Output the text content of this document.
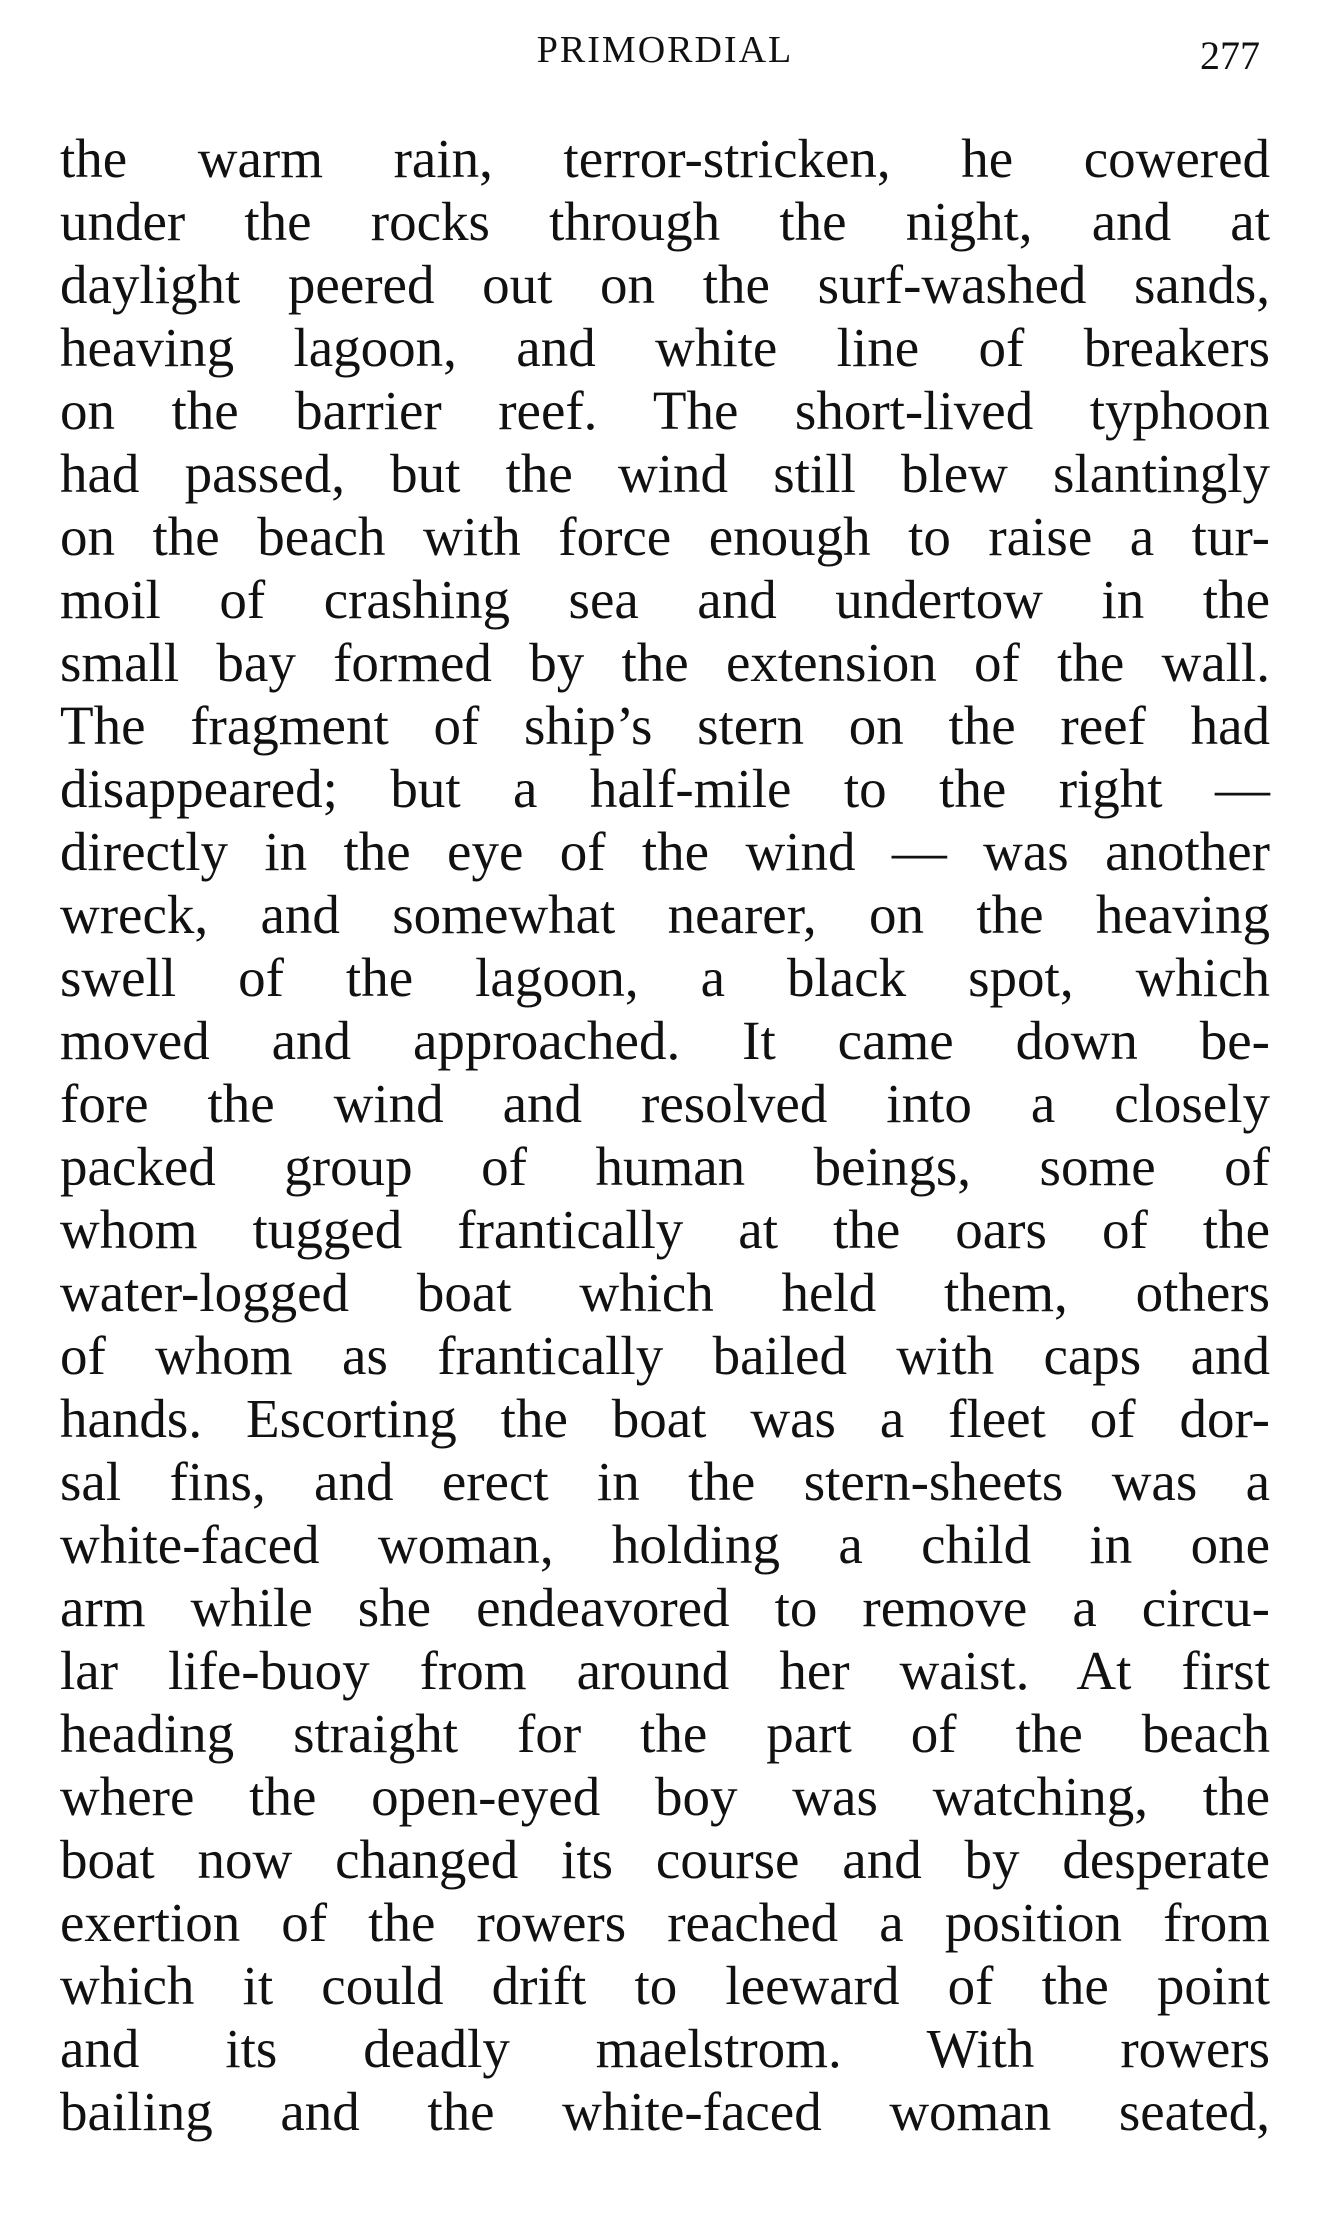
PRIMORDIAL	277
the warm rain, terror-stricken, he cowered
under the rocks through the night, and at
daylight peered out on the surf-washed sands,
heaving lagoon, and white line of breakers
on the barrier reef. The short-lived typhoon
had passed, but the wind still blew slantingly
on the beach with force enough to raise a tur-
moil of crashing sea and undertow in the
small bay formed by the extension of the wall.
The fragment of ship’s stern on the reef had
disappeared; but a half-mile to the right —
directly in the eye of the wind — was another
wreck, and somewhat nearer, on the heaving
swell of the lagoon, a black spot, which
moved and approached. It came down be-
fore the wind and resolved into a closely
packed group of human beings, some of
whom tugged frantically at the oars of the
water-logged boat which held them, others
of whom as frantically bailed with caps and
hands. Escorting the boat was a fleet of dor-
sal fins, and erect in the stern-sheets was a
white-faced woman, holding a child in one
arm while she endeavored to remove a circu-
lar life-buoy from around her waist. At first
heading straight for the part of the beach
where the open-eyed boy was watching, the
boat now changed its course and by desperate
exertion of the rowers reached a position from
which it could drift to leeward of the point
and its deadly maelstrom. With rowers
bailing and the white-faced woman seated,
